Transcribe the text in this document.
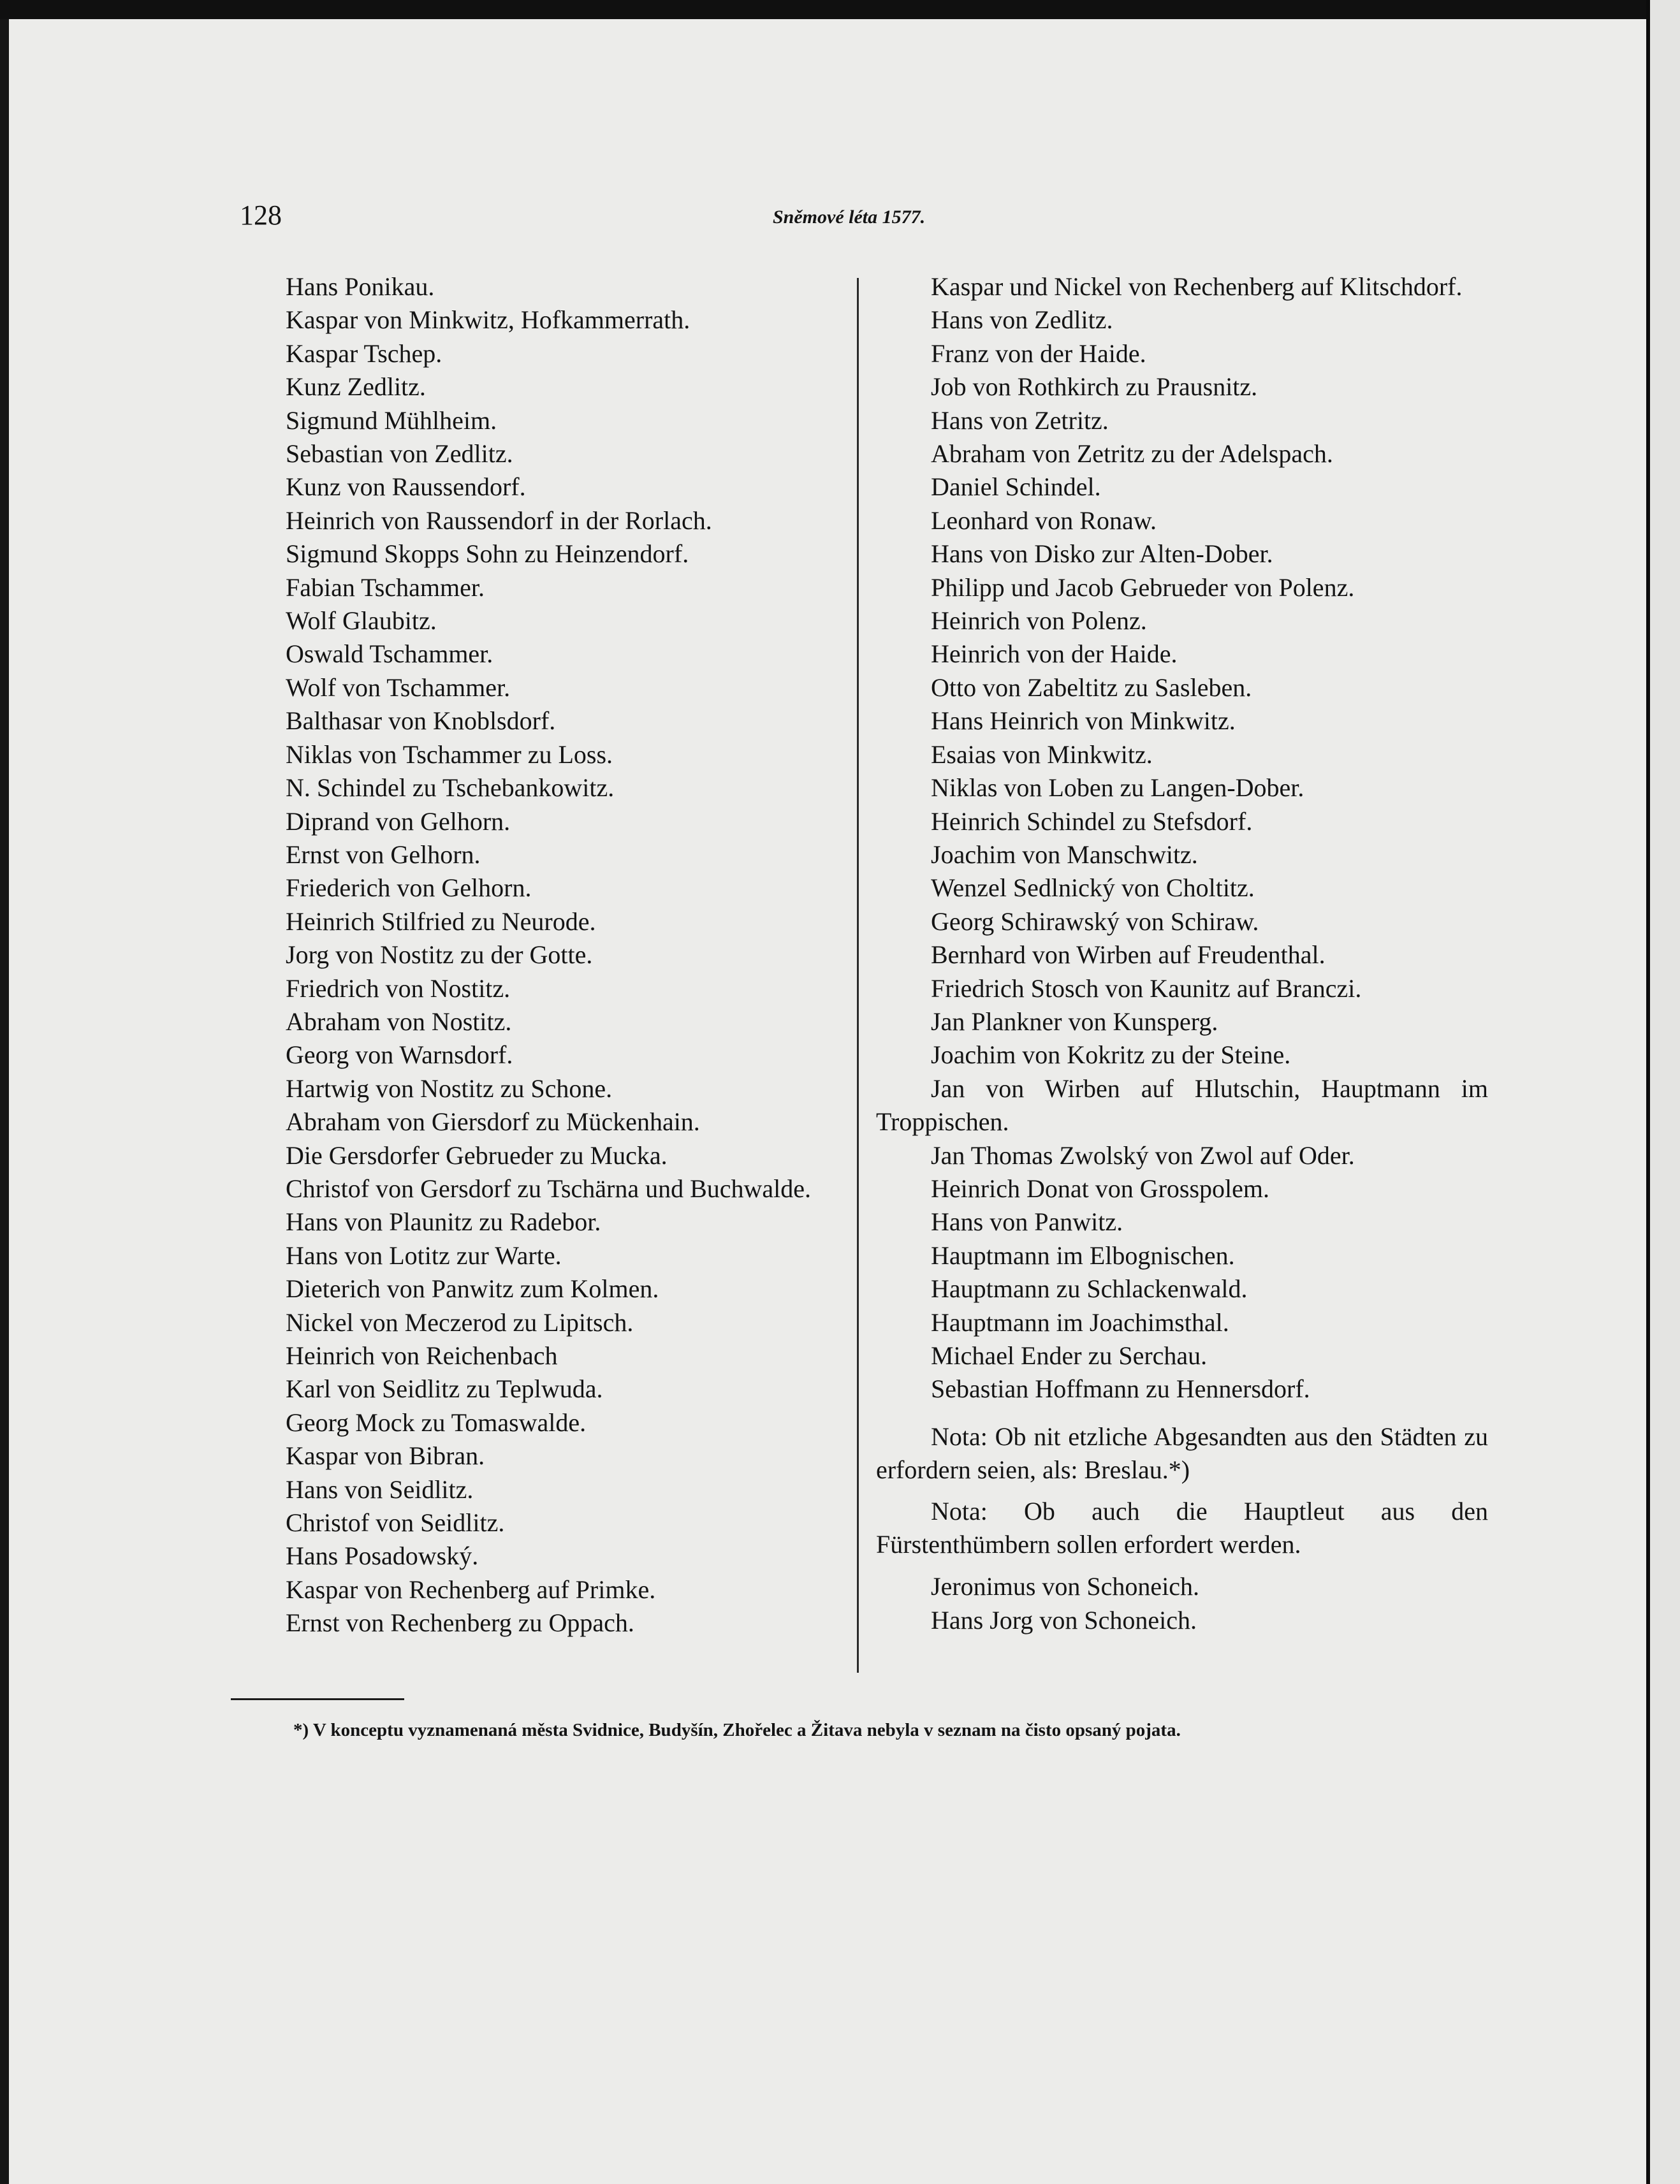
128	Sněmové léta 1577.

Hans Ponikau.

Kaspar von Minkwitz, Hofkammerrath.

Kaspar Tschep.

Kunz Zedlitz.

Sigmund Mühlheim.

Sebastian von Zedlitz.

Kunz von Raussendorf.

Heinrich von Raussendorf in der Rorlach.

Sigmund Skopps Sohn zu Heinzendorf.

Fabian Tschammer.

Wolf Glaubitz.

Oswald Tschammer.

Wolf von Tschammer.

Balthasar von Knoblsdorf.

Niklas von Tschammer zu Loss.

N. Schindel zu Tschebankowitz.

Diprand von Gelhorn.

Ernst von Gelhorn.

Friederich von Gelhorn.

Heinrich Stilfried zu Neurode.

Jorg von Nostitz zu der Gotte.

Friedrich von Nostitz.

Abraham von Nostitz.

Georg von Warnsdorf.

Hartwig von Nostitz zu Schone.

Abraham von Giersdorf zu Mückenhain.

Die Gersdorfer Gebrueder zu Mucka.

Christof von Gersdorf zu Tschärna und Buchwalde.

Hans von Plaunitz zu Radebor.

Hans von Lotitz zur Warte.

Dieterich von Panwitz zum Kolmen.

Nickel von Meczerod zu Lipitsch.

Heinrich von Reichenbach

Karl von Seidlitz zu Teplwuda.

Georg Mock zu Tomaswalde.

Kaspar von Bibran.

Hans von Seidlitz.

Christof von Seidlitz.

Hans Posadowský.

Kaspar von Rechenberg auf Primke.

Ernst von Rechenberg zu Oppach.

Kaspar und Nickel von Rechenberg auf Klitschdorf.

Hans von Zedlitz.

Franz von der Haide.

Job von Rothkirch zu Prausnitz.

Hans von Zetritz.

Abraham von Zetritz zu der Adelspach.

Daniel Schindel.

Leonhard von Ronaw.

Hans von Disko zur Alten-Dober.

Philipp und Jacob Gebrueder von Polenz.

Heinrich von Polenz.

Heinrich von der Haide.

Otto von Zabeltitz zu Sasleben.

Hans Heinrich von Minkwitz.

Esaias von Minkwitz.

Niklas von Loben zu Langen-Dober.

Heinrich Schindel zu Stefsdorf.

Joachim von Manschwitz.

Wenzel Sedlnický von Choltitz.

Georg Schirawský von Schiraw.

Bernhard von Wirben auf Freudenthal.

Friedrich Stosch von Kaunitz auf Branczi.

Jan Plankner von Kunsperg.

Joachim von Kokritz zu der Steine.

Jan von Wirben auf Hlutschin, Hauptmann im Troppischen.

Jan Thomas Zwolský von Zwol auf Oder.

Heinrich Donat von Grosspolem.

Hans von Panwitz.

Hauptmann im Elbognischen.

Hauptmann zu Schlackenwald.

Hauptmann im Joachimsthal.

Michael Ender zu Serchau.

Sebastian Hoffmann zu Hennersdorf.

Nota: Ob nit etzliche Abgesandten aus den Städten zu erfordern seien, als: Breslau.*)

Nota: Ob auch die Hauptleut aus den Fürstenthümbern sollen erfordert werden.

Jeronimus von Schoneich.

Hans Jorg von Schoneich.

*) V konceptu vyznamenaná města Svidnice, Budyšín, Zhořelec a Žitava nebyla v seznam na čisto opsaný pojata.
